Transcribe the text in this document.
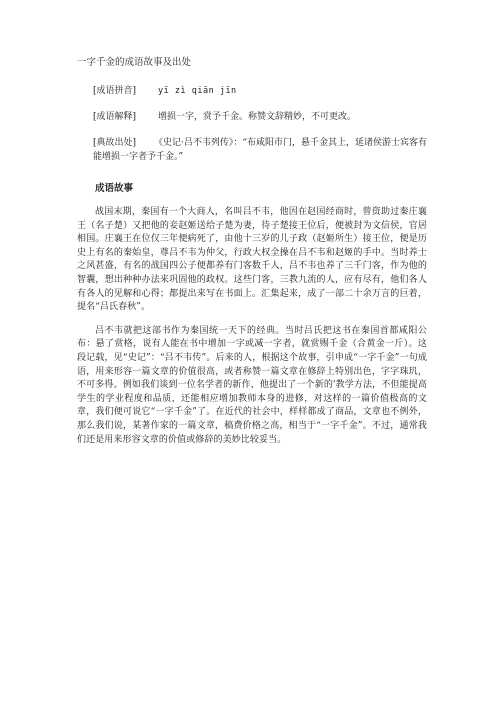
一字千金的成语故事及出处
[成语拼音]	yī zì qiān jīn
[成语解释] 增损一字，赏予千金。称赞文辞精妙，不可更改。
[典故出处] 《史记·吕不韦列传》：“布咸阳市门，悬千金其上，延诸侯游士宾客有能增损一字者予千金。”
成语故事

战国末期，秦国有一个大商人，名叫吕不韦，他因在赵国经商时，曾资助过秦庄襄王（名子楚）又把他的妾赵姬送给子楚为妻，待子楚接王位后，便被封为文信侯，官居相国。庄襄王在位仅三年便病死了，由他十三岁的儿子政（赵姬所生）接王位，便是历史上有名的秦始皇，尊吕不韦为仲父，行政大权全操在吕不韦和赵姬的手中。当时养士之风甚盛，有名的战国四公子便都养有门客数千人，吕不韦也养了三千门客，作为他的智囊，想出种种办法来巩固他的政权。这些门客，三教九流的人，应有尽有，他们各人有各人的见解和心得；都提出来写在书面上。汇集起来，成了一部二十余万言的巨着，提名“吕氏春秋”。

吕不韦就把这部书作为秦国统一天下的经典。当时吕氏把这书在秦国首都咸阳公布：悬了赏格，说有人能在书中增加一字或减一字者，就赏赐千金（合黄金一斤）。这段记载，见“史记”：“吕不韦传”。后来的人，根据这个故事，引申成“一字千金”一句成语，用来形容一篇文章的价值很高，或者称赞一篇文章在修辞上特别出色，字字珠玑，不可多得。例如我们谈到一位名学者的新作，他提出了一个新的'教学方法，不但能提高学生的学业程度和品质，还能相应增加教师本身的进修，对这样的一篇价值极高的文章，我们便可说它“一字千金”了。在近代的社会中，样样都成了商品，文章也不例外，那么我们说，某著作家的一篇文章，稿费价格之高，相当于“一字千金”。不过，通常我们还是用来形容文章的价值或修辞的美妙比较妥当。
